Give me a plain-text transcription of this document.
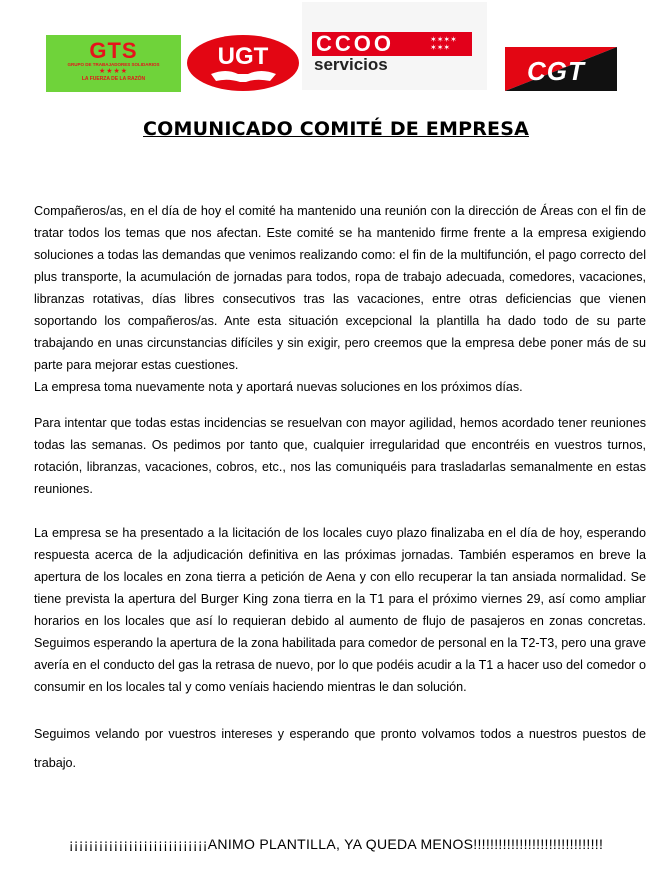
GTS
GRUPO DE TRABAJADORES SOLIDARIOS
★★★★
LA FUERZA DE LA RAZÓN
UGT CCOO	✶✶✶✶
✶✶✶
servicios	CGT
COMUNICADO COMITÉ DE EMPRESA

Compañeros/as, en el día de hoy el comité ha mantenido una reunión con la dirección de Áreas con el fin de tratar todos los temas que nos afectan. Este comité se ha mantenido firme frente a la empresa exigiendo soluciones a todas las demandas que venimos realizando como: el fin de la multifunción, el pago correcto del plus transporte, la acumulación de jornadas para todos, ropa de trabajo adecuada, comedores, vacaciones, libranzas rotativas, días libres consecutivos tras las vacaciones, entre otras deficiencias que vienen soportando los compañeros/as. Ante esta situación excepcional la plantilla ha dado todo de su parte trabajando en unas circunstancias difíciles y sin exigir, pero creemos que la empresa debe poner más de su parte para mejorar estas cuestiones.

La empresa toma nuevamente nota y aportará nuevas soluciones en los próximos días.

Para intentar que todas estas incidencias se resuelvan con mayor agilidad, hemos acordado tener reuniones todas las semanas. Os pedimos por tanto que, cualquier irregularidad que encontréis en vuestros turnos, rotación, libranzas, vacaciones, cobros, etc., nos las comuniquéis para trasladarlas semanalmente en estas reuniones.

La empresa se ha presentado a la licitación de los locales cuyo plazo finalizaba en el día de hoy, esperando respuesta acerca de la adjudicación definitiva en las próximas jornadas. También esperamos en breve la apertura de los locales en zona tierra a petición de Aena y con ello recuperar la tan ansiada normalidad. Se tiene prevista la apertura del Burger King zona tierra en la T1 para el próximo viernes 29, así como ampliar horarios en los locales que así lo requieran debido al aumento de flujo de pasajeros en zonas concretas. Seguimos esperando la apertura de la zona habilitada para comedor de personal en la T2-T3, pero una grave avería en el conducto del gas la retrasa de nuevo, por lo que podéis acudir a la T1 a hacer uso del comedor o consumir en los locales tal y como veníais haciendo mientras le dan solución.

Seguimos velando por vuestros intereses y esperando que pronto volvamos todos a nuestros puestos de trabajo.

¡¡¡¡¡¡¡¡¡¡¡¡¡¡¡¡¡¡¡¡¡¡¡¡¡¡¡¡ANIMO PLANTILLA, YA QUEDA MENOS!!!!!!!!!!!!!!!!!!!!!!!!!!!!!!!
